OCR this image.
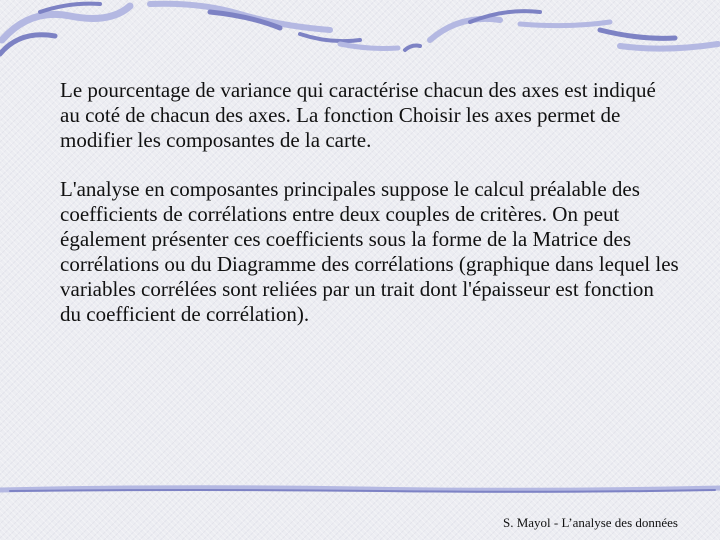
Le pourcentage de variance qui caractérise chacun des axes est indiqué au coté de chacun des axes. La fonction Choisir les axes permet de modifier les composantes de la carte.

L'analyse en composantes principales suppose le calcul préalable des coefficients de corrélations entre deux couples de critères. On peut également présenter ces coefficients sous la forme de la Matrice des corrélations ou du Diagramme des corrélations (graphique dans lequel les variables corrélées sont reliées par un trait dont l'épaisseur est fonction du coefficient de corrélation).

S. Mayol - L’analyse des données
